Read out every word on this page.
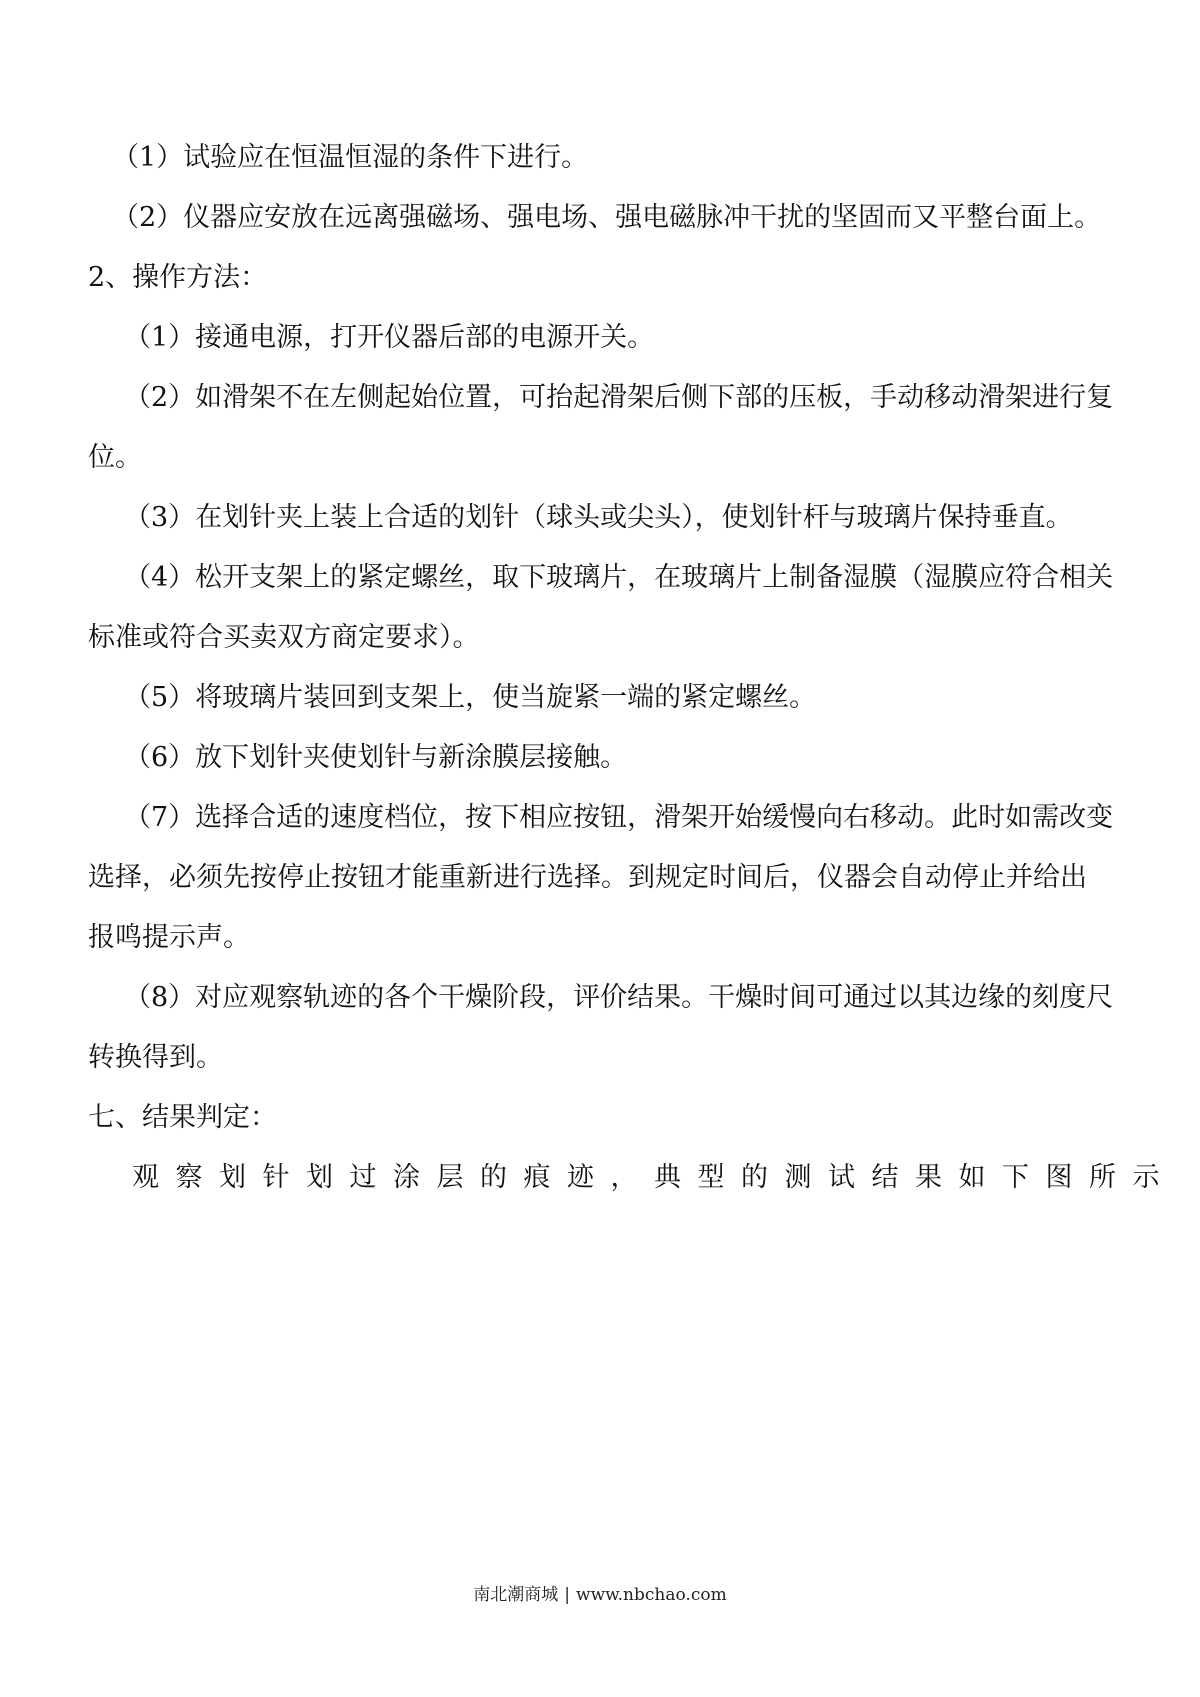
（1）试验应在恒温恒湿的条件下进行。

（2）仪器应安放在远离强磁场、强电场、强电磁脉冲干扰的坚固而又平整台面上。

2、操作方法：

（1）接通电源，打开仪器后部的电源开关。

（2）如滑架不在左侧起始位置，可抬起滑架后侧下部的压板，手动移动滑架进行复

位。

（3）在划针夹上装上合适的划针（球头或尖头），使划针杆与玻璃片保持垂直。

（4）松开支架上的紧定螺丝，取下玻璃片，在玻璃片上制备湿膜（湿膜应符合相关

标准或符合买卖双方商定要求）。

（5）将玻璃片装回到支架上，使当旋紧一端的紧定螺丝。

（6）放下划针夹使划针与新涂膜层接触。

（7）选择合适的速度档位，按下相应按钮，滑架开始缓慢向右移动。此时如需改变

选择，必须先按停止按钮才能重新进行选择。到规定时间后，仪器会自动停止并给出

报鸣提示声。

（8）对应观察轨迹的各个干燥阶段，评价结果。干燥时间可通过以其边缘的刻度尺

转换得到。

七、结果判定：

观察划针划过涂层的痕迹，典型的测试结果如下图所示

南北潮商城 | www.nbchao.com
